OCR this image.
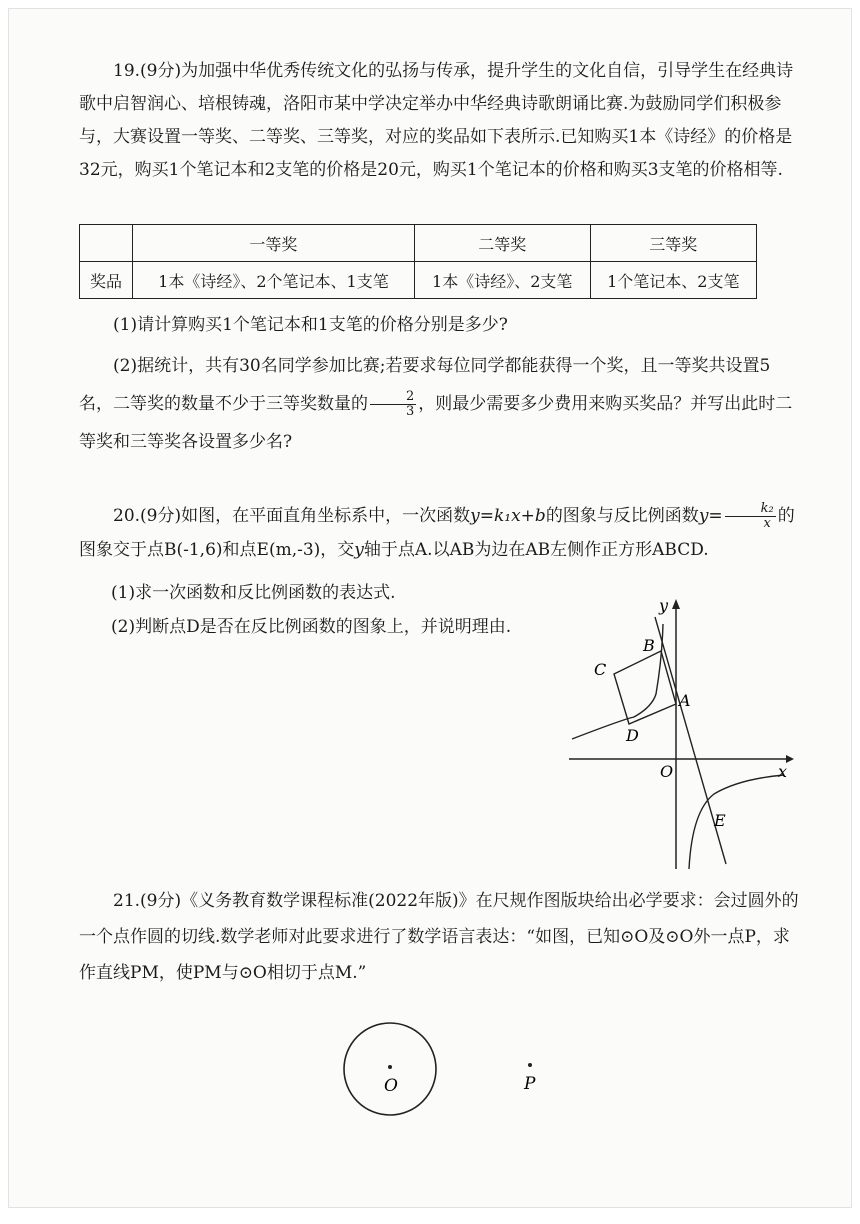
19.(9分)为加强中华优秀传统文化的弘扬与传承，提升学生的文化自信，引导学生在经典诗歌中启智润心、培根铸魂，洛阳市某中学决定举办中华经典诗歌朗诵比赛.为鼓励同学们积极参与，大赛设置一等奖、二等奖、三等奖，对应的奖品如下表所示.已知购买1本《诗经》的价格是32元，购买1个笔记本和2支笔的价格是20元，购买1个笔记本的价格和购买3支笔的价格相等.

	一等奖	二等奖	三等奖
奖品	1本《诗经》、2个笔记本、1支笔	1本《诗经》、2支笔	1个笔记本、2支笔

(1)请计算购买1个笔记本和1支笔的价格分别是多少?

(2)据统计，共有30名同学参加比赛;若要求每位同学都能获得一个奖，且一等奖共设置5名，二等奖的数量不少于三等奖数量的 $\frac{2}{3}$ ，则最少需要多少费用来购买奖品？并写出此时二等奖和三等奖各设置多少名?

20.(9分)如图，在平面直角坐标系中，一次函数y=k₁x+b的图象与反比例函数$y= \frac{\text{k₂}}{x}$ 的图象交于点B(-1,6)和点E(m,-3)，交y轴于点A.以AB为边在AB左侧作正方形ABCD.

(1)求一次函数和反比例函数的表达式.

(2)判断点D是否在反比例函数的图象上，并说明理由.

B
A
C
D
E
O	x
y

21.(9分)《义务教育数学课程标准(2022年版)》在尺规作图版块给出必学要求：会过圆外的一个点作圆的切线.数学老师对此要求进行了数学语言表达：“如图，已知⊙O及⊙O外一点P，求作直线PM，使PM与⊙O相切于点M.”

O	P
